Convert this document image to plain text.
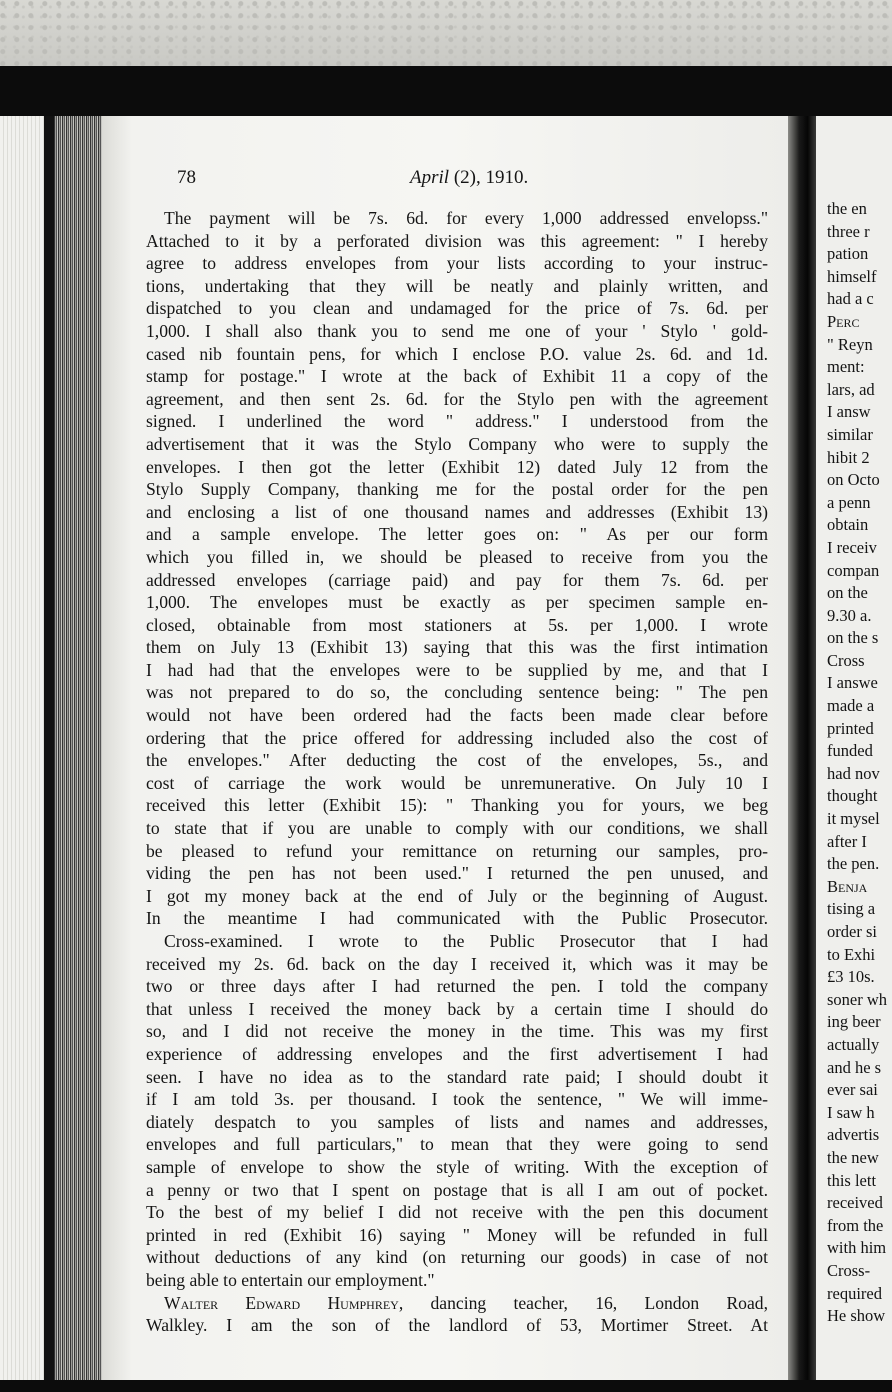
78	April (2), 1910.
The payment will be 7s. 6d. for every 1,000 addressed envelopss."
Attached to it by a perforated division was this agreement: " I hereby
agree to address envelopes from your lists according to your instruc-
tions, undertaking that they will be neatly and plainly written, and
dispatched to you clean and undamaged for the price of 7s. 6d. per
1,000. I shall also thank you to send me one of your ' Stylo ' gold-
cased nib fountain pens, for which I enclose P.O. value 2s. 6d. and 1d.
stamp for postage." I wrote at the back of Exhibit 11 a copy of the
agreement, and then sent 2s. 6d. for the Stylo pen with the agreement
signed. I underlined the word " address." I understood from the
advertisement that it was the Stylo Company who were to supply the
envelopes. I then got the letter (Exhibit 12) dated July 12 from the
Stylo Supply Company, thanking me for the postal order for the pen
and enclosing a list of one thousand names and addresses (Exhibit 13)
and a sample envelope. The letter goes on: " As per our form
which you filled in, we should be pleased to receive from you the
addressed envelopes (carriage paid) and pay for them 7s. 6d. per
1,000. The envelopes must be exactly as per specimen sample en-
closed, obtainable from most stationers at 5s. per 1,000. I wrote
them on July 13 (Exhibit 13) saying that this was the first intimation
I had had that the envelopes were to be supplied by me, and that I
was not prepared to do so, the concluding sentence being: " The pen
would not have been ordered had the facts been made clear before
ordering that the price offered for addressing included also the cost of
the envelopes." After deducting the cost of the envelopes, 5s., and
cost of carriage the work would be unremunerative. On July 10 I
received this letter (Exhibit 15): " Thanking you for yours, we beg
to state that if you are unable to comply with our conditions, we shall
be pleased to refund your remittance on returning our samples, pro-
viding the pen has not been used." I returned the pen unused, and
I got my money back at the end of July or the beginning of August.
In the meantime I had communicated with the Public Prosecutor.
Cross-examined. I wrote to the Public Prosecutor that I had
received my 2s. 6d. back on the day I received it, which was it may be
two or three days after I had returned the pen. I told the company
that unless I received the money back by a certain time I should do
so, and I did not receive the money in the time. This was my first
experience of addressing envelopes and the first advertisement I had
seen. I have no idea as to the standard rate paid; I should doubt it
if I am told 3s. per thousand. I took the sentence, " We will imme-
diately despatch to you samples of lists and names and addresses,
envelopes and full particulars," to mean that they were going to send
sample of envelope to show the style of writing. With the exception of
a penny or two that I spent on postage that is all I am out of pocket.
To the best of my belief I did not receive with the pen this document
printed in red (Exhibit 16) saying " Money will be refunded in full
without deductions of any kind (on returning our goods) in case of not
being able to entertain our employment."
Walter Edward Humphrey, dancing teacher, 16, London Road,
Walkley. I am the son of the landlord of 53, Mortimer Street. At
the en
three r
pation
himself
had a c
Perc
" Reyn
ment:
lars, ad
I answ
similar
hibit 2
on Octo
a penn
obtain
I receiv
compan
on the
9.30 a.
on the s
Cross
I answe
made a
printed
funded
had nov
thought
it mysel
after I
the pen.
Benja
tising a
order si
to Exhi
£3 10s.
soner wh
ing beer
actually
and he s
ever sai
I saw h
advertis
the new
this lett
received
from the
with him
Cross-
required
He show
